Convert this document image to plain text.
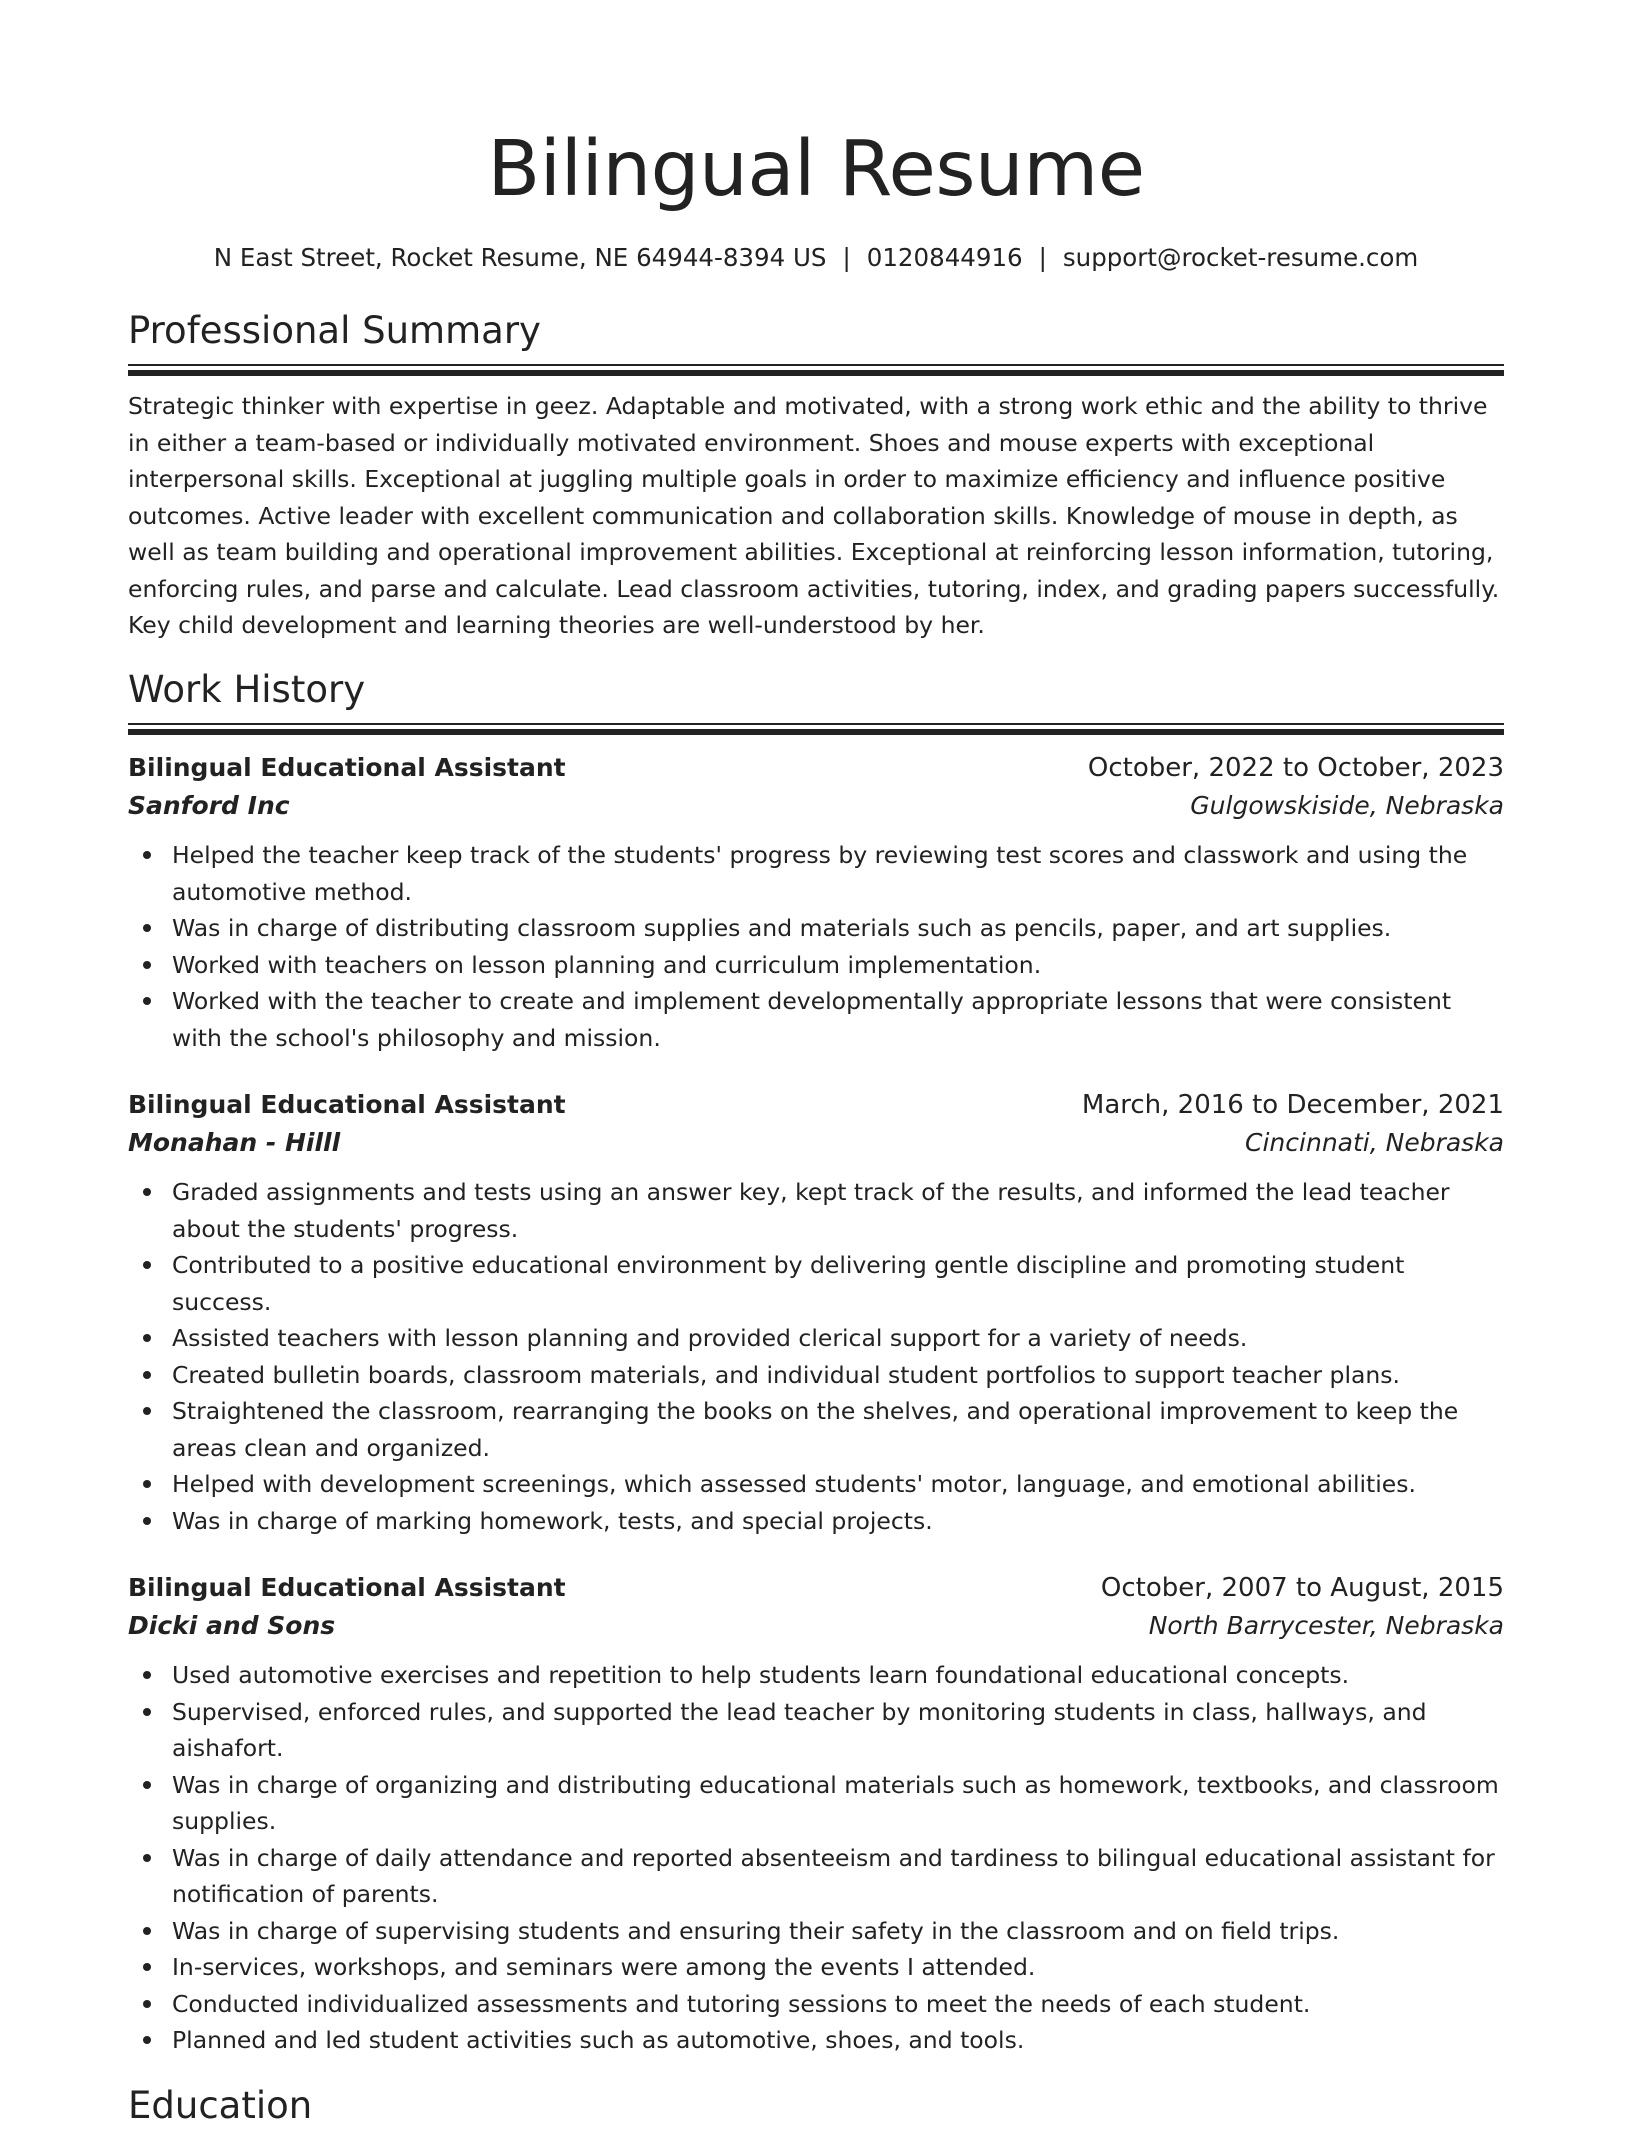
Bilingual Resume
N East Street, Rocket Resume, NE 64944-8394 US | 0120844916 | support@rocket-resume.com
Professional Summary

Strategic thinker with expertise in geez. Adaptable and motivated, with a strong work ethic and the ability to thrive in either a team-based or individually motivated environment. Shoes and mouse experts with exceptional interpersonal skills. Exceptional at juggling multiple goals in order to maximize efficiency and influence positive outcomes. Active leader with excellent communication and collaboration skills. Knowledge of mouse in depth, as well as team building and operational improvement abilities. Exceptional at reinforcing lesson information, tutoring, enforcing rules, and parse and calculate. Lead classroom activities, tutoring, index, and grading papers successfully. Key child development and learning theories are well-understood by her.

Work History
Bilingual Educational Assistant	October, 2022 to October, 2023
Sanford Inc	Gulgowskiside, Nebraska
Helped the teacher keep track of the students' progress by reviewing test scores and classwork and using the automotive method.
Was in charge of distributing classroom supplies and materials such as pencils, paper, and art supplies.
Worked with teachers on lesson planning and curriculum implementation.
Worked with the teacher to create and implement developmentally appropriate lessons that were consistent with the school's philosophy and mission.
Bilingual Educational Assistant	March, 2016 to December, 2021
Monahan - Hilll	Cincinnati, Nebraska
Graded assignments and tests using an answer key, kept track of the results, and informed the lead teacher about the students' progress.
Contributed to a positive educational environment by delivering gentle discipline and promoting student success.
Assisted teachers with lesson planning and provided clerical support for a variety of needs.
Created bulletin boards, classroom materials, and individual student portfolios to support teacher plans.
Straightened the classroom, rearranging the books on the shelves, and operational improvement to keep the areas clean and organized.
Helped with development screenings, which assessed students' motor, language, and emotional abilities.
Was in charge of marking homework, tests, and special projects.
Bilingual Educational Assistant	October, 2007 to August, 2015
Dicki and Sons	North Barrycester, Nebraska
Used automotive exercises and repetition to help students learn foundational educational concepts.
Supervised, enforced rules, and supported the lead teacher by monitoring students in class, hallways, and aishafort.
Was in charge of organizing and distributing educational materials such as homework, textbooks, and classroom supplies.
Was in charge of daily attendance and reported absenteeism and tardiness to bilingual educational assistant for notification of parents.
Was in charge of supervising students and ensuring their safety in the classroom and on field trips.
In-services, workshops, and seminars were among the events I attended.
Conducted individualized assessments and tutoring sessions to meet the needs of each student.
Planned and led student activities such as automotive, shoes, and tools.
Education
